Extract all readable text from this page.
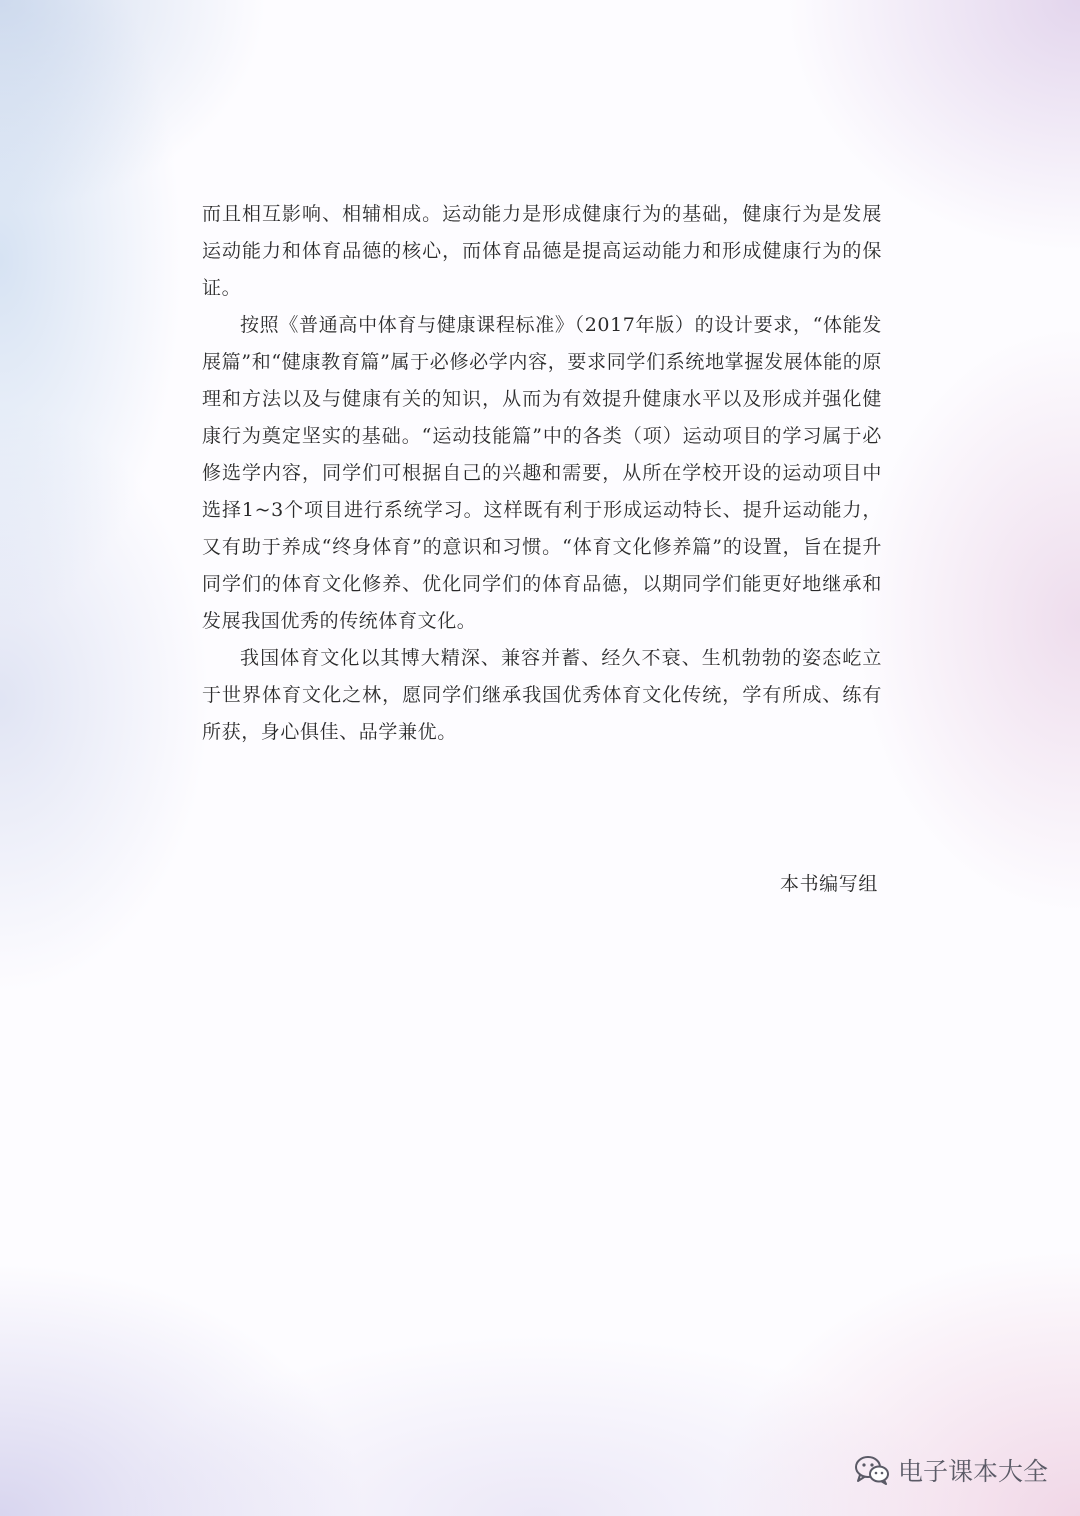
而且相互影响、相辅相成。运动能力是形成健康行为的基础，健康行为是发展运动能力和体育品德的核心，而体育品德是提高运动能力和形成健康行为的保证。

按照《普通高中体育与健康课程标准》（2017年版）的设计要求，“体能发展篇”和“健康教育篇”属于必修必学内容，要求同学们系统地掌握发展体能的原理和方法以及与健康有关的知识，从而为有效提升健康水平以及形成并强化健康行为奠定坚实的基础。“运动技能篇”中的各类（项）运动项目的学习属于必修选学内容，同学们可根据自己的兴趣和需要，从所在学校开设的运动项目中选择1~3个项目进行系统学习。这样既有利于形成运动特长、提升运动能力，又有助于养成“终身体育”的意识和习惯。“体育文化修养篇”的设置，旨在提升同学们的体育文化修养、优化同学们的体育品德，以期同学们能更好地继承和发展我国优秀的传统体育文化。

我国体育文化以其博大精深、兼容并蓄、经久不衰、生机勃勃的姿态屹立于世界体育文化之林，愿同学们继承我国优秀体育文化传统，学有所成、练有所获，身心俱佳、品学兼优。

本书编写组
电子课本大全
